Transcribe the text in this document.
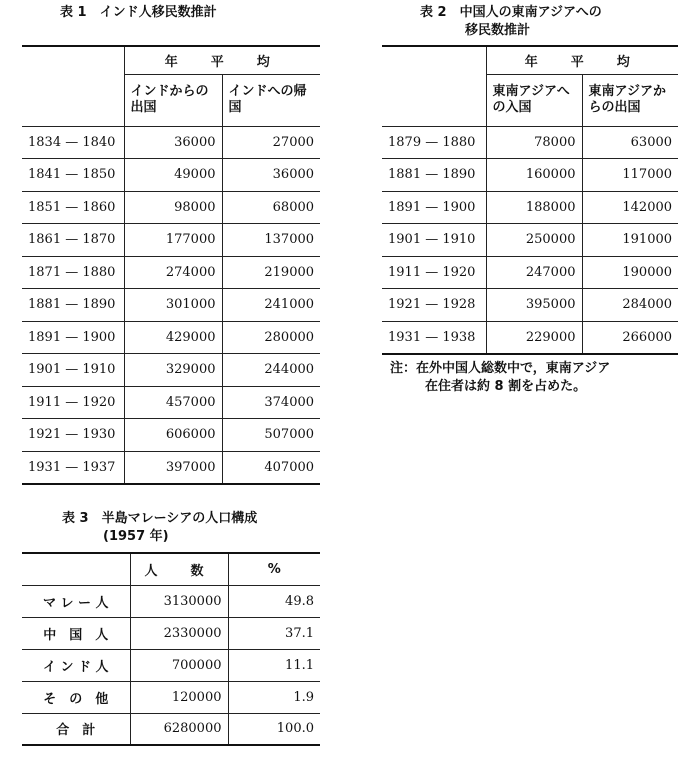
表 1　インド人移民数推計
	年　平　均	
	インドからの出国	インドへの帰国
1834 — 1840	36000	27000
1841 — 1850	49000	36000
1851 — 1860	98000	68000
1861 — 1870	177000	137000
1871 — 1880	274000	219000
1881 — 1890	301000	241000
1891 — 1900	429000	280000
1901 — 1910	329000	244000
1911 — 1920	457000	374000
1921 — 1930	606000	507000
1931 — 1937	397000	407000
表 2　中国人の東南アジアへの
移民数推計
	年　平　均	
	東南アジアへの入国	東南アジアからの出国
1879 — 1880	78000	63000
1881 — 1890	160000	117000
1891 — 1900	188000	142000
1901 — 1910	250000	191000
1911 — 1920	247000	190000
1921 — 1928	395000	284000
1931 — 1938	229000	266000
注：在外中国人総数中で，東南アジア
在住者は約 8 割を占めた。
表 3　半島マレーシアの人口構成
(1957 年)
	人　数	%
マ レ ー 人	3130000	49.8
中　国　人	2330000	37.1
イ ン ド 人	700000	11.1
そ　の　他	120000	1.9
合　計	6280000	100.0
